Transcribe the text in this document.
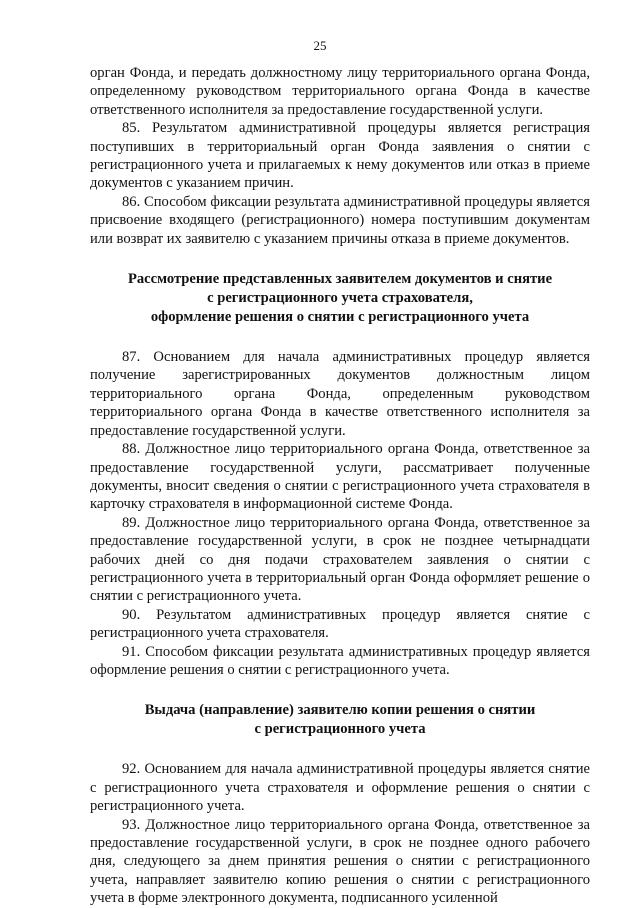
25

орган Фонда, и передать должностному лицу территориального органа Фонда, определенному руководством территориального органа Фонда в качестве ответственного исполнителя за предоставление государственной услуги.

85. Результатом административной процедуры является регистрация поступивших в территориальный орган Фонда заявления о снятии с регистрационного учета и прилагаемых к нему документов или отказ в приеме документов с указанием причин.

86. Способом фиксации результата административной процедуры является присвоение входящего (регистрационного) номера поступившим документам или возврат их заявителю с указанием причины отказа в приеме документов.

Рассмотрение представленных заявителем документов и снятие
с регистрационного учета страхователя,
оформление решения о снятии с регистрационного учета

87. Основанием для начала административных процедур является получение зарегистрированных документов должностным лицом территориального органа Фонда, определенным руководством территориального органа Фонда в качестве ответственного исполнителя за предоставление государственной услуги.

88. Должностное лицо территориального органа Фонда, ответственное за предоставление государственной услуги, рассматривает полученные документы, вносит сведения о снятии с регистрационного учета страхователя в карточку страхователя в информационной системе Фонда.

89. Должностное лицо территориального органа Фонда, ответственное за предоставление государственной услуги, в срок не позднее четырнадцати рабочих дней со дня подачи страхователем заявления о снятии с регистрационного учета в территориальный орган Фонда оформляет решение о снятии с регистрационного учета.

90. Результатом административных процедур является снятие с регистрационного учета страхователя.

91. Способом фиксации результата административных процедур является оформление решения о снятии с регистрационного учета.

Выдача (направление) заявителю копии решения о снятии
с регистрационного учета

92. Основанием для начала административной процедуры является снятие с регистрационного учета страхователя и оформление решения о снятии с регистрационного учета.

93. Должностное лицо территориального органа Фонда, ответственное за предоставление государственной услуги, в срок не позднее одного рабочего дня, следующего за днем принятия решения о снятии с регистрационного учета, направляет заявителю копию решения о снятии с регистрационного учета в форме электронного документа, подписанного усиленной
